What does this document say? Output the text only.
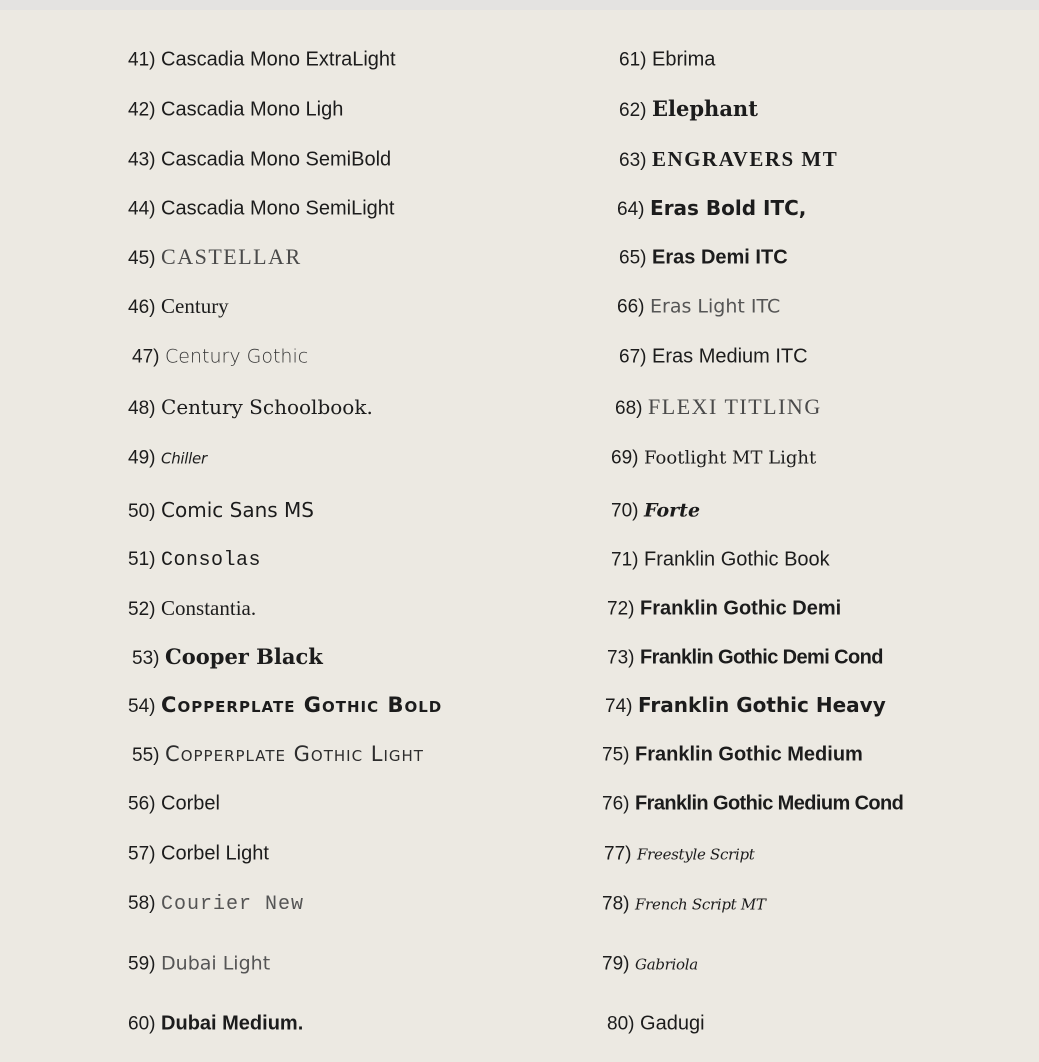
41) Cascadia Mono ExtraLight
42) Cascadia Mono Ligh
43) Cascadia Mono SemiBold
44) Cascadia Mono SemiLight
45) CASTELLAR
46) Century
47) Century Gothic
48) Century Schoolbook.
49) Chiller
50) Comic Sans MS
51) Consolas
52) Constantia.
53) Cooper Black
54) Copperplate Gothic Bold
55) Copperplate Gothic Light
56) Corbel
57) Corbel Light
58) Courier New
59) Dubai Light
60) Dubai Medium.
61) Ebrima
62) Elephant
63) ENGRAVERS MT
64) Eras Bold ITC,
65) Eras Demi ITC
66) Eras Light ITC
67) Eras Medium ITC
68) FLEXI TITLING
69) Footlight MT Light
70) Forte
71) Franklin Gothic Book
72) Franklin Gothic Demi
73) Franklin Gothic Demi Cond
74) Franklin Gothic Heavy
75) Franklin Gothic Medium
76) Franklin Gothic Medium Cond
77) Freestyle Script
78) French Script MT
79) Gabriola
80) Gadugi
